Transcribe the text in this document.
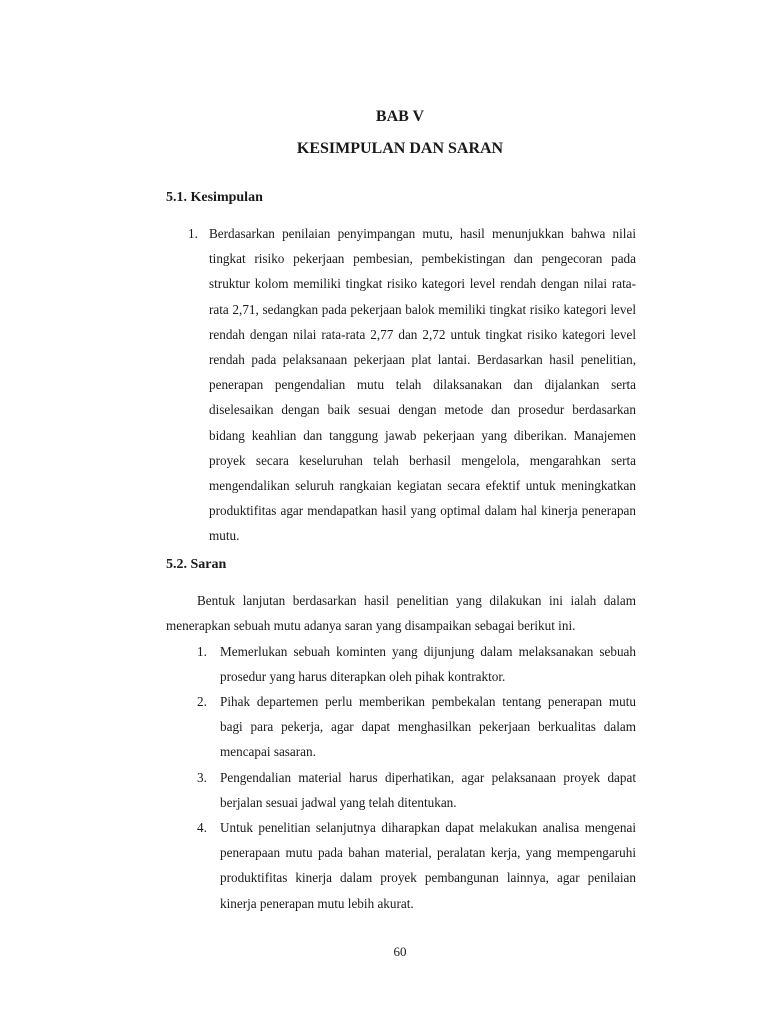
BAB V
KESIMPULAN DAN SARAN
5.1. Kesimpulan
1. Berdasarkan penilaian penyimpangan mutu, hasil menunjukkan bahwa nilai tingkat risiko pekerjaan pembesian, pembekistingan dan pengecoran pada struktur kolom memiliki tingkat risiko kategori level rendah dengan nilai rata-rata 2,71, sedangkan pada pekerjaan balok memiliki tingkat risiko kategori level rendah dengan nilai rata-rata 2,77 dan 2,72 untuk tingkat risiko kategori level rendah pada pelaksanaan pekerjaan plat lantai. Berdasarkan hasil penelitian, penerapan pengendalian mutu telah dilaksanakan dan dijalankan serta diselesaikan dengan baik sesuai dengan metode dan prosedur berdasarkan bidang keahlian dan tanggung jawab pekerjaan yang diberikan. Manajemen proyek secara keseluruhan telah berhasil mengelola, mengarahkan serta mengendalikan seluruh rangkaian kegiatan secara efektif untuk meningkatkan produktifitas agar mendapatkan hasil yang optimal dalam hal kinerja penerapan mutu.
5.2. Saran
Bentuk lanjutan berdasarkan hasil penelitian yang dilakukan ini ialah dalam menerapkan sebuah mutu adanya saran yang disampaikan sebagai berikut ini.
1. Memerlukan sebuah kominten yang dijunjung dalam melaksanakan sebuah prosedur yang harus diterapkan oleh pihak kontraktor.
2. Pihak departemen perlu memberikan pembekalan tentang penerapan mutu bagi para pekerja, agar dapat menghasilkan pekerjaan berkualitas dalam mencapai sasaran.
3. Pengendalian material harus diperhatikan, agar pelaksanaan proyek dapat berjalan sesuai jadwal yang telah ditentukan.
4. Untuk penelitian selanjutnya diharapkan dapat melakukan analisa mengenai penerapaan mutu pada bahan material, peralatan kerja, yang mempengaruhi produktifitas kinerja dalam proyek pembangunan lainnya, agar penilaian kinerja penerapan mutu lebih akurat.
60
